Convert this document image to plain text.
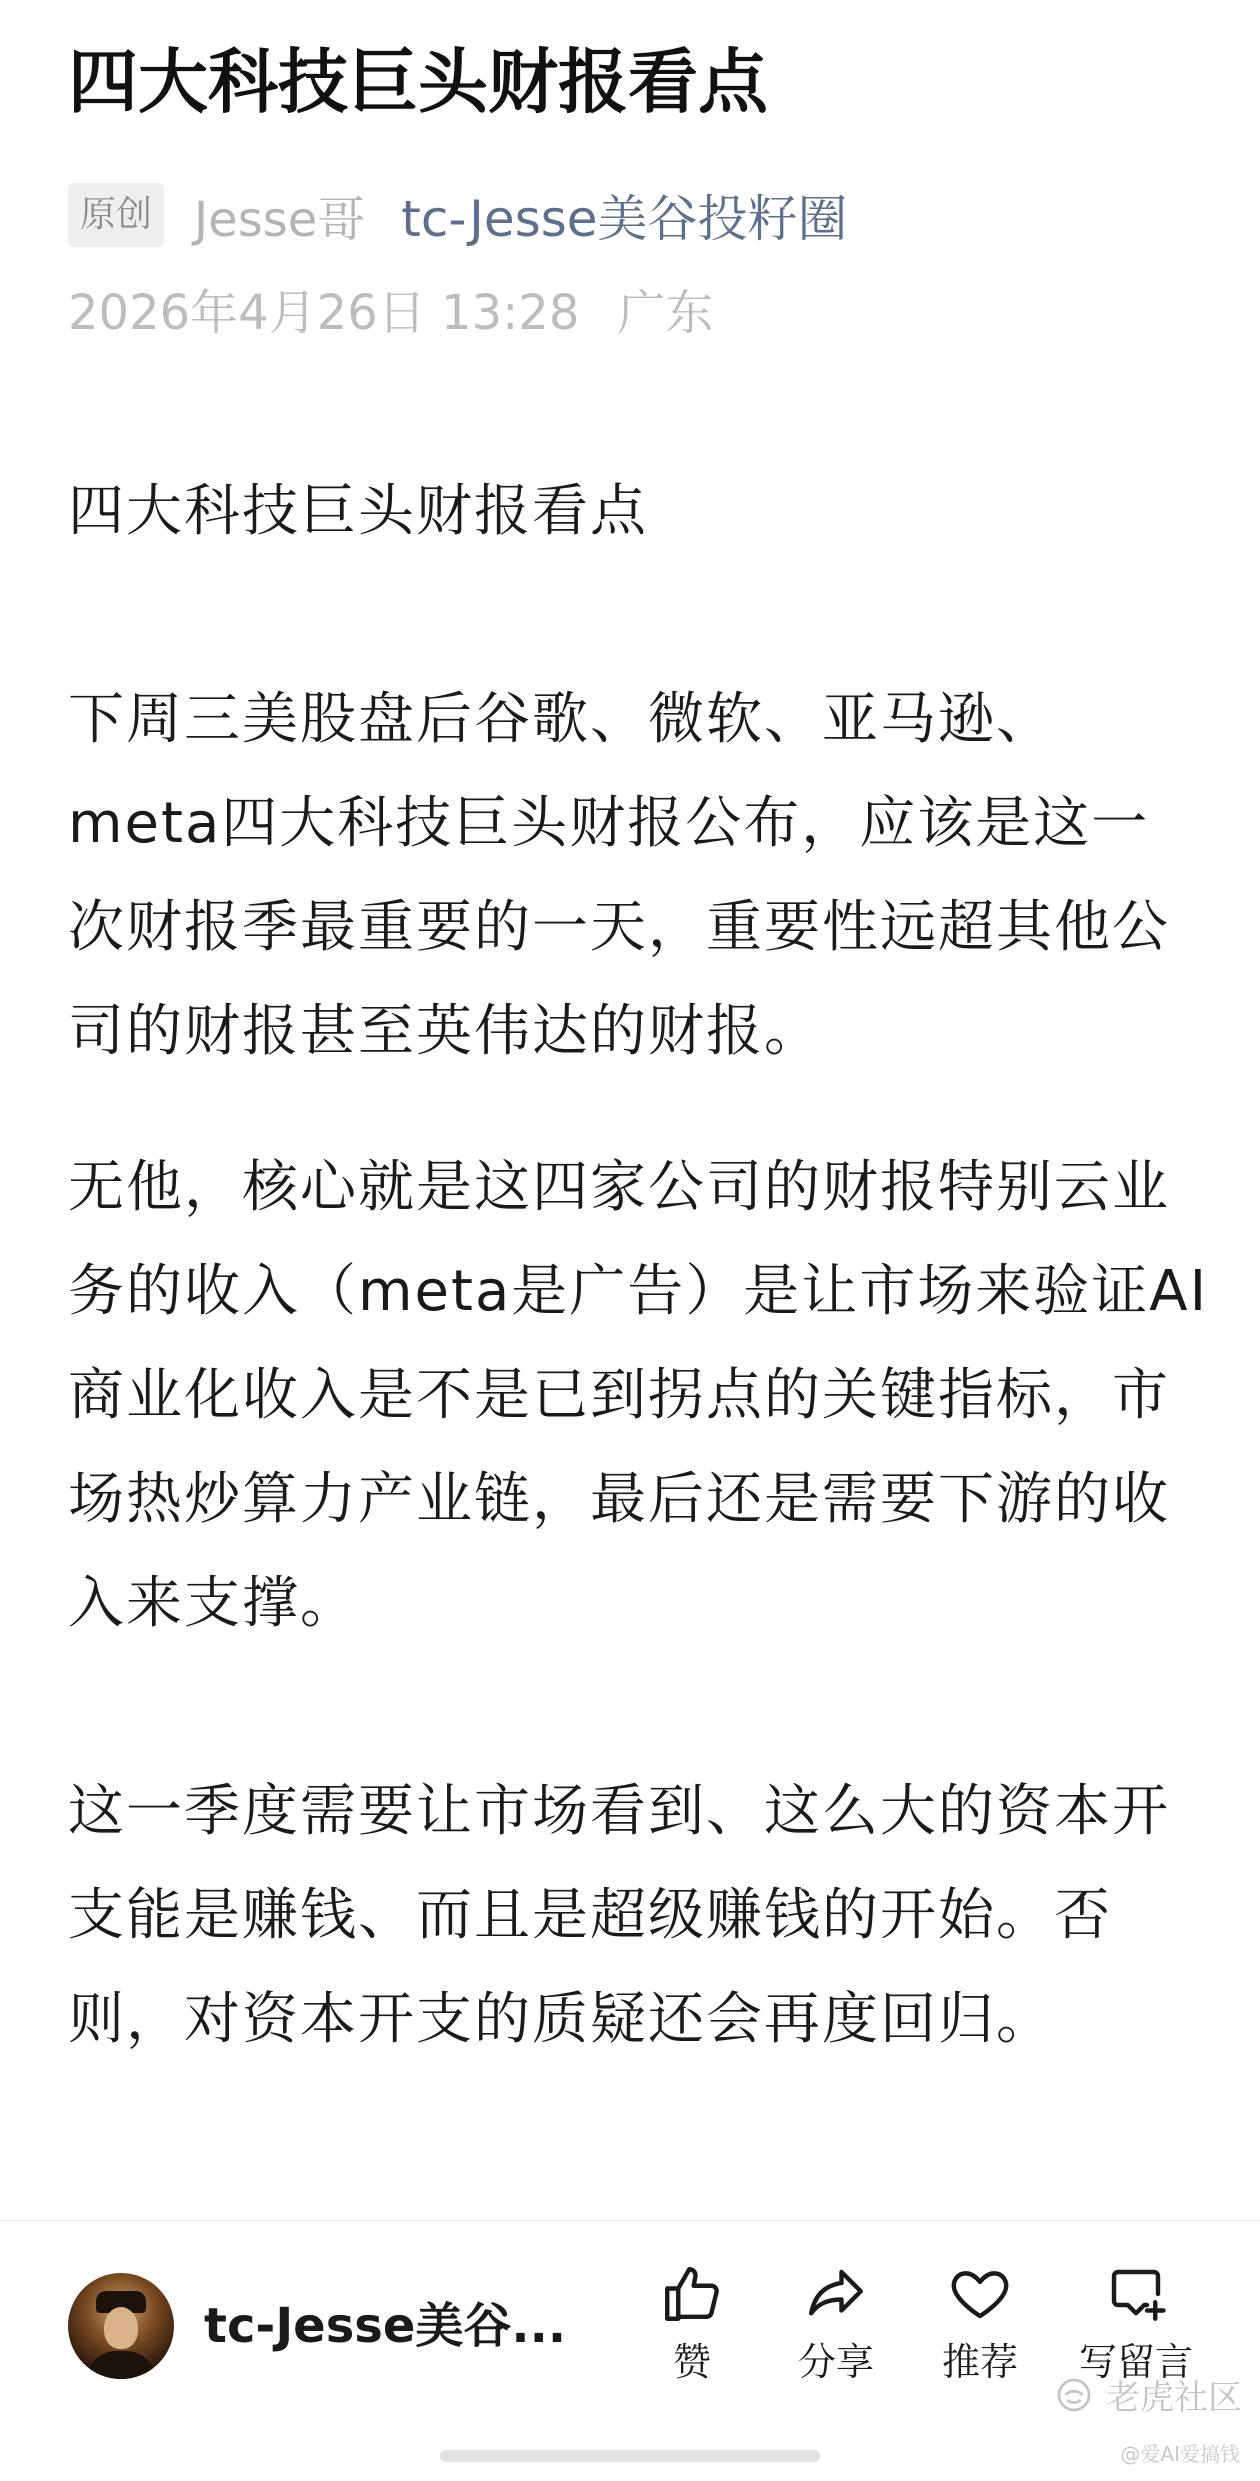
四大科技巨头财报看点
原创 Jesse哥 tc-Jesse美谷投籽圈
2026年4月26日 13:28 广东
四大科技巨头财报看点
下周三美股盘后谷歌、微软、亚马逊、
meta四大科技巨头财报公布，应该是这一
次财报季最重要的一天，重要性远超其他公
司的财报甚至英伟达的财报。
无他，核心就是这四家公司的财报特别云业
务的收入（meta是广告）是让市场来验证AI
商业化收入是不是已到拐点的关键指标，市
场热炒算力产业链，最后还是需要下游的收
入来支撑。
这一季度需要让市场看到、这么大的资本开
支能是赚钱、而且是超级赚钱的开始。否
则，对资本开支的质疑还会再度回归。
tc-Jesse美谷...
赞	分享	推荐	写留言
老虎社区
@爱AI爱搞钱
